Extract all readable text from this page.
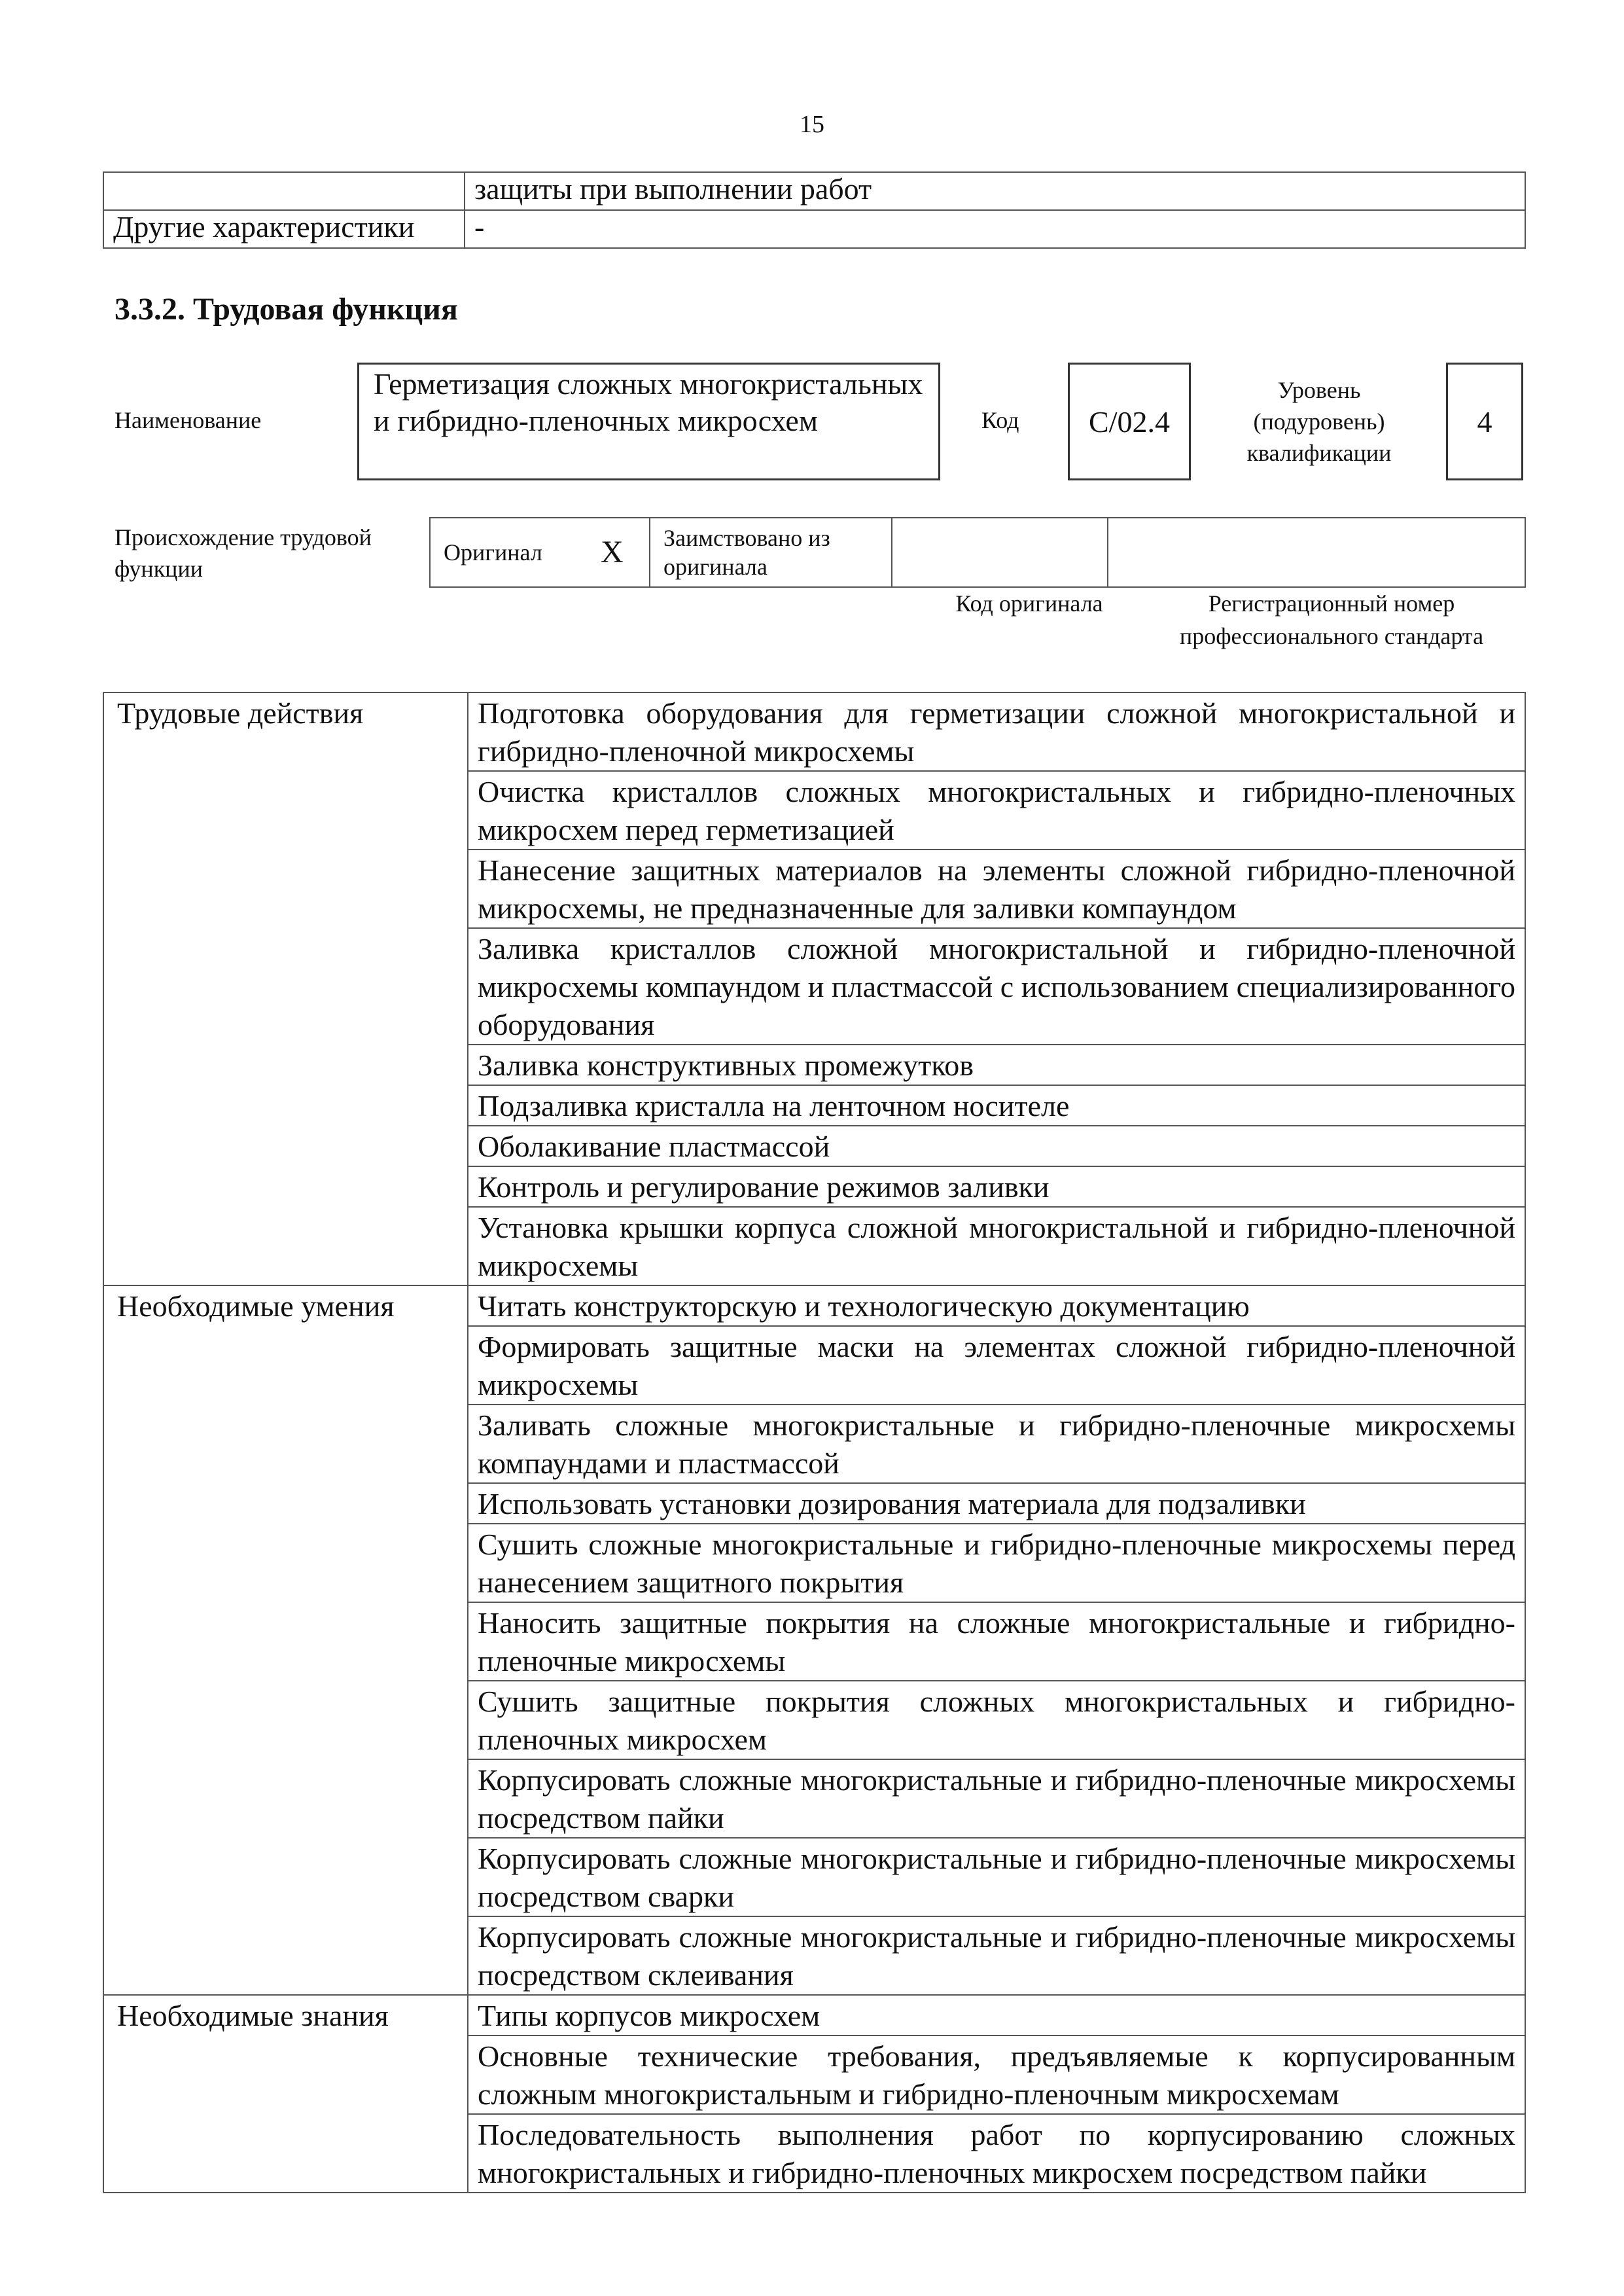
15
	защиты при выполнении работ
Другие характеристики	-
3.3.2. Трудовая функция
Наименование
Герметизация сложных многокристальных и гибридно-пленочных микросхем	Код	C/02.4
Уровень (подуровень) квалификации
4
Происхождение трудовой функции
Оригинал	X	Заимствовано из оригинала		
Код оригинала	Регистрационный номер профессионального стандарта
Трудовые действия	Подготовка оборудования для герметизации сложной многокристальной и гибридно-пленочной микросхемы
	Очистка кристаллов сложных многокристальных и гибридно-пленочных микросхем перед герметизацией
	Нанесение защитных материалов на элементы сложной гибридно-пленочной микросхемы, не предназначенные для заливки компаундом
	Заливка кристаллов сложной многокристальной и гибридно-пленочной микросхемы компаундом и пластмассой с использованием специализированного оборудования
	Заливка конструктивных промежутков
	Подзаливка кристалла на ленточном носителе
	Оболакивание пластмассой
	Контроль и регулирование режимов заливки
	Установка крышки корпуса сложной многокристальной и гибридно-пленочной микросхемы
Необходимые умения	Читать конструкторскую и технологическую документацию
	Формировать защитные маски на элементах сложной гибридно-пленочной микросхемы
	Заливать сложные многокристальные и гибридно-пленочные микросхемы компаундами и пластмассой
	Использовать установки дозирования материала для подзаливки
	Сушить сложные многокристальные и гибридно-пленочные микросхемы перед нанесением защитного покрытия
	Наносить защитные покрытия на сложные многокристальные и гибридно-пленочные микросхемы
	Сушить защитные покрытия сложных многокристальных и гибридно-пленочных микросхем
	Корпусировать сложные многокристальные и гибридно-пленочные микросхемы посредством пайки
	Корпусировать сложные многокристальные и гибридно-пленочные микросхемы посредством сварки
	Корпусировать сложные многокристальные и гибридно-пленочные микросхемы посредством склеивания
Необходимые знания	Типы корпусов микросхем
	Основные технические требования, предъявляемые к корпусированным сложным многокристальным и гибридно-пленочным микросхемам
	Последовательность выполнения работ по корпусированию сложных многокристальных и гибридно-пленочных микросхем посредством пайки
